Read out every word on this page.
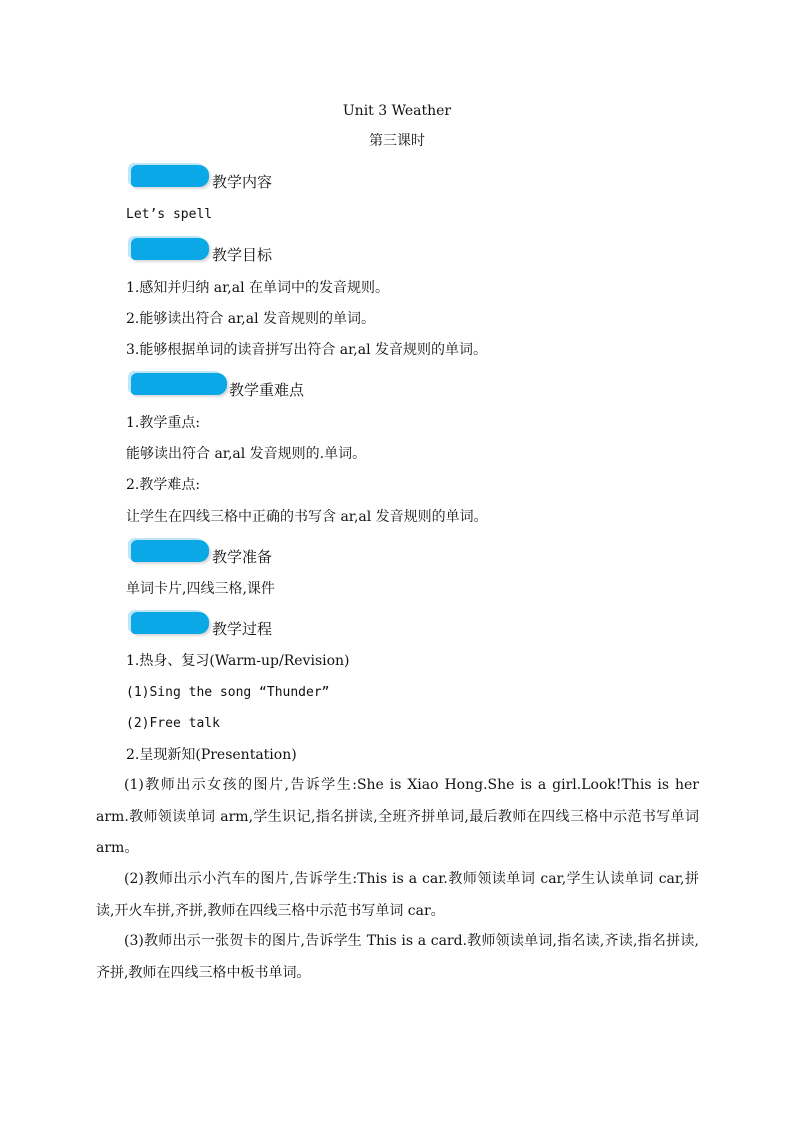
Unit 3 Weather
第三课时
教学内容
Let’s spell
教学目标
1.感知并归纳 ar,al 在单词中的发音规则。
2.能够读出符合 ar,al 发音规则的单词。
3.能够根据单词的读音拼写出符合 ar,al 发音规则的单词。
教学重难点
1.教学重点:
能够读出符合 ar,al 发音规则的.单词。
2.教学难点:
让学生在四线三格中正确的书写含 ar,al 发音规则的单词。
教学准备
单词卡片,四线三格,课件
教学过程
1.热身、复习(Warm-up/Revision)
(1)Sing the song “Thunder”
(2)Free talk
2.呈现新知(Presentation)
(1)教师出示女孩的图片,告诉学生:She is Xiao Hong.She is a girl.Look!This is her arm.教师领读单词 arm,学生识记,指名拼读,全班齐拼单词,最后教师在四线三格中示范书写单词 arm。
(2)教师出示小汽车的图片,告诉学生:This is a car.教师领读单词 car,学生认读单词 car,拼读,开火车拼,齐拼,教师在四线三格中示范书写单词 car。
(3)教师出示一张贺卡的图片,告诉学生 This is a card.教师领读单词,指名读,齐读,指名拼读,齐拼,教师在四线三格中板书单词。
